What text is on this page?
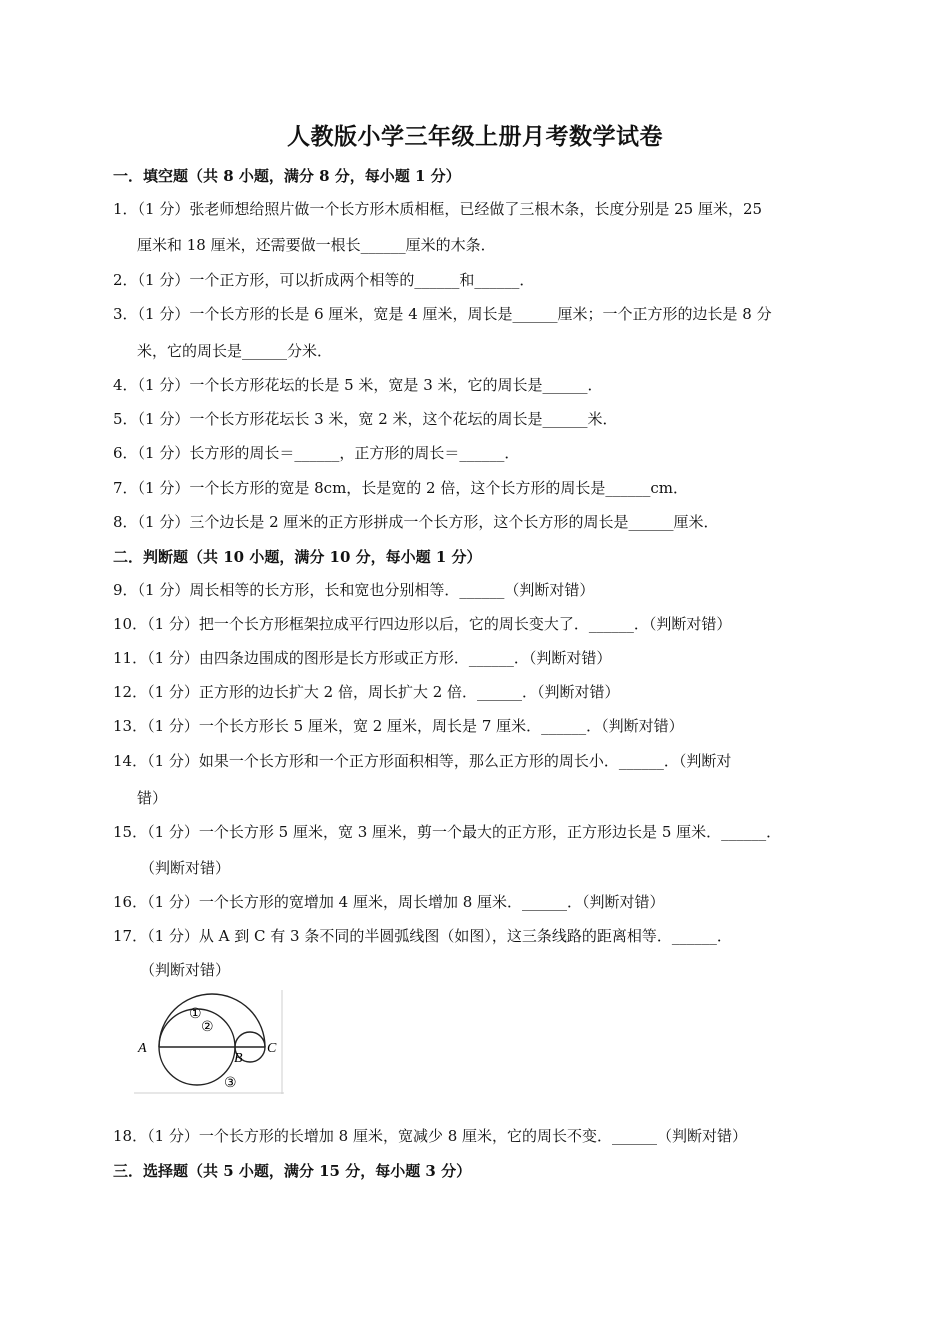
人教版小学三年级上册月考数学试卷
一．填空题（共 8 小题，满分 8 分，每小题 1 分）
1．（1 分）张老师想给照片做一个长方形木质相框，已经做了三根木条，长度分别是 25 厘米，25
厘米和 18 厘米，还需要做一根长______厘米的木条．
2．（1 分）一个正方形，可以折成两个相等的______和______．
3．（1 分）一个长方形的长是 6 厘米，宽是 4 厘米，周长是______厘米；一个正方形的边长是 8 分
米，它的周长是______分米．
4．（1 分）一个长方形花坛的长是 5 米，宽是 3 米，它的周长是______．
5．（1 分）一个长方形花坛长 3 米，宽 2 米，这个花坛的周长是______米．
6．（1 分）长方形的周长＝______，正方形的周长＝______．
7．（1 分）一个长方形的宽是 8cm，长是宽的 2 倍，这个长方形的周长是______cm．
8．（1 分）三个边长是 2 厘米的正方形拼成一个长方形，这个长方形的周长是______厘米．
二．判断题（共 10 小题，满分 10 分，每小题 1 分）
9．（1 分）周长相等的长方形，长和宽也分别相等．______（判断对错）
10．（1 分）把一个长方形框架拉成平行四边形以后，它的周长变大了．______．（判断对错）
11．（1 分）由四条边围成的图形是长方形或正方形．______．（判断对错）
12．（1 分）正方形的边长扩大 2 倍，周长扩大 2 倍．______．（判断对错）
13．（1 分）一个长方形长 5 厘米，宽 2 厘米，周长是 7 厘米．______．（判断对错）
14．（1 分）如果一个长方形和一个正方形面积相等，那么正方形的周长小．______．（判断对
错）
15．（1 分）一个长方形 5 厘米，宽 3 厘米，剪一个最大的正方形，正方形边长是 5 厘米．______．
（判断对错）
16．（1 分）一个长方形的宽增加 4 厘米，周长增加 8 厘米．______．（判断对错）
17．（1 分）从 A 到 C 有 3 条不同的半圆弧线图（如图），这三条线路的距离相等．______．
（判断对错）
A
B
C
①
②
③
18．（1 分）一个长方形的长增加 8 厘米，宽减少 8 厘米，它的周长不变．______（判断对错）
三．选择题（共 5 小题，满分 15 分，每小题 3 分）
